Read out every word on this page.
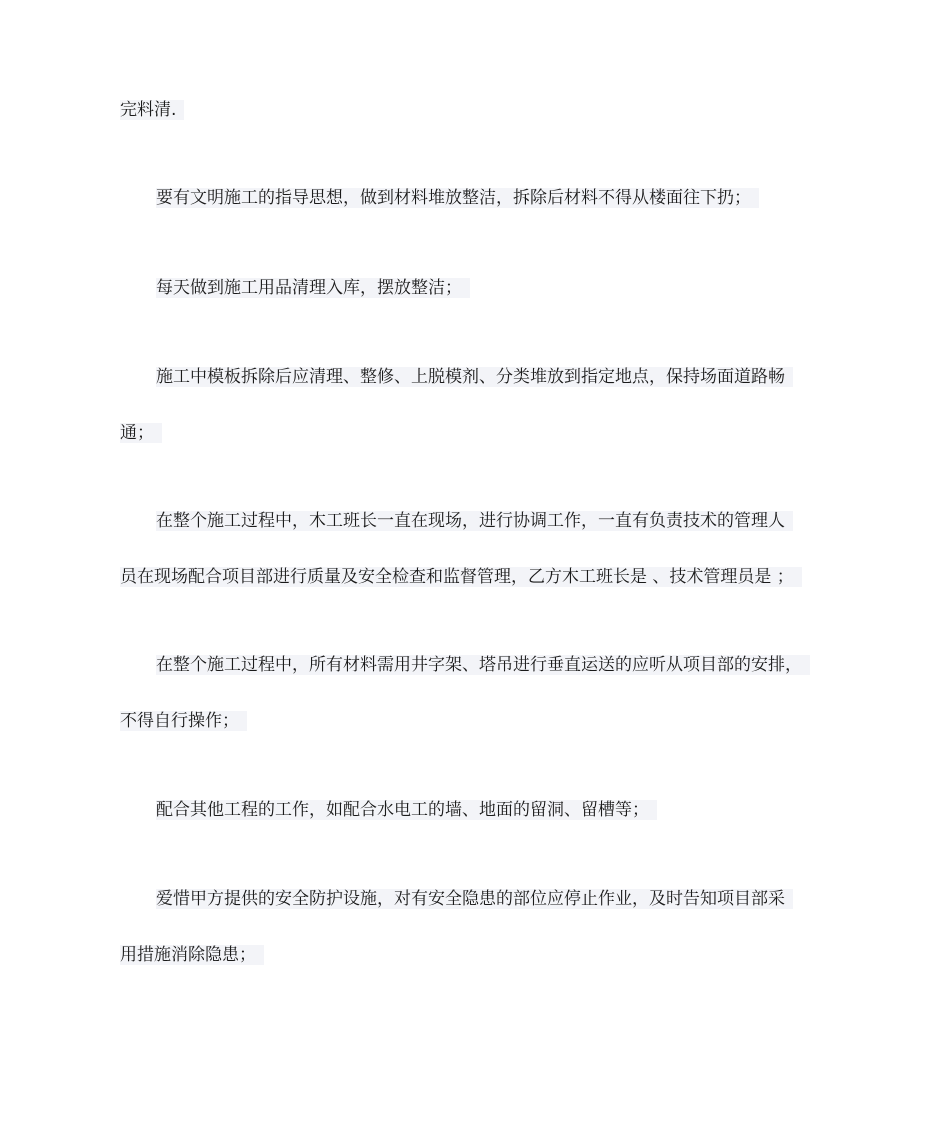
完料清.
要有文明施工的指导思想，做到材料堆放整洁，拆除后材料不得从楼面往下扔；
每天做到施工用品清理入库，摆放整洁；
施工中模板拆除后应清理、整修、上脱模剂、分类堆放到指定地点，保持场面道路畅
通；
在整个施工过程中，木工班长一直在现场，进行协调工作，一直有负责技术的管理人
员在现场配合项目部进行质量及安全检查和监督管理，乙方木工班长是 、技术管理员是 ；
在整个施工过程中，所有材料需用井字架、塔吊进行垂直运送的应听从项目部的安排，
不得自行操作；
配合其他工程的工作，如配合水电工的墙、地面的留洞、留槽等；
爱惜甲方提供的安全防护设施，对有安全隐患的部位应停止作业，及时告知项目部采
用措施消除隐患；
